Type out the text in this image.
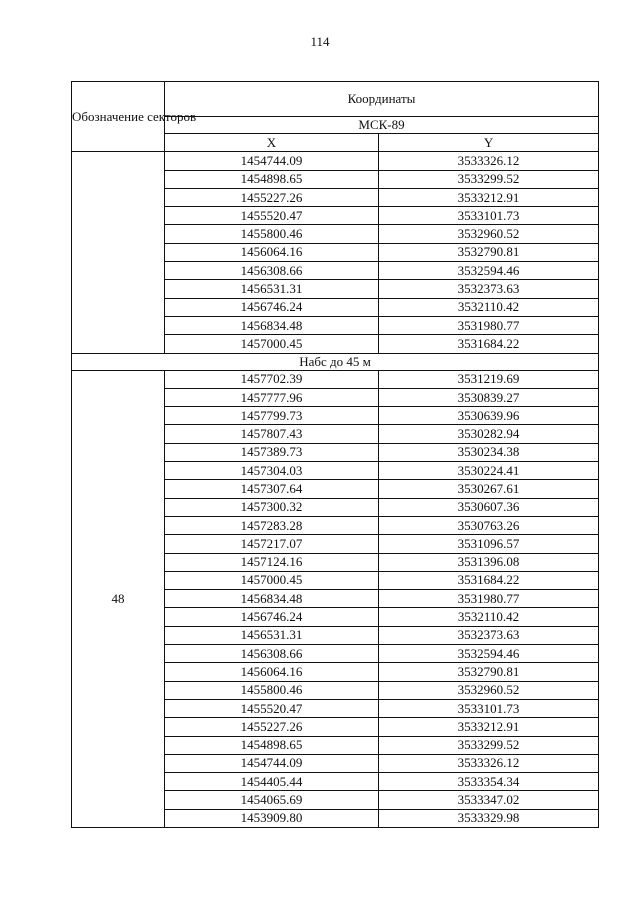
114
Обозначение секторов	Координаты	
	МСК-89	
	X	Y
	1454744.09	3533326.12
	1454898.65	3533299.52
	1455227.26	3533212.91
	1455520.47	3533101.73
	1455800.46	3532960.52
	1456064.16	3532790.81
	1456308.66	3532594.46
	1456531.31	3532373.63
	1456746.24	3532110.42
	1456834.48	3531980.77
	1457000.45	3531684.22
Набс до 45 м		
48	1457702.39	3531219.69
	1457777.96	3530839.27
	1457799.73	3530639.96
	1457807.43	3530282.94
	1457389.73	3530234.38
	1457304.03	3530224.41
	1457307.64	3530267.61
	1457300.32	3530607.36
	1457283.28	3530763.26
	1457217.07	3531096.57
	1457124.16	3531396.08
	1457000.45	3531684.22
	1456834.48	3531980.77
	1456746.24	3532110.42
	1456531.31	3532373.63
	1456308.66	3532594.46
	1456064.16	3532790.81
	1455800.46	3532960.52
	1455520.47	3533101.73
	1455227.26	3533212.91
	1454898.65	3533299.52
	1454744.09	3533326.12
	1454405.44	3533354.34
	1454065.69	3533347.02
	1453909.80	3533329.98
